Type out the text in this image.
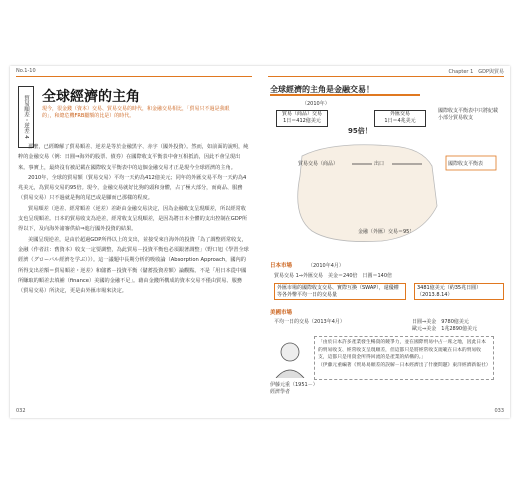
No.1-10
貿易順差・逆差 4 全球經濟的主角
現今，很金錢（資本）交易、貿易交易的時代，和金融交易相比，「貿易只不過是我眼的」，和總危機FRB屬額的比是）的時代。

那麼，已經瞭解了貿易順差、逆差是等於金融黑字、赤字（國外投資）。然而，如前面的說明，純粹的金融交易（例：日圓⇒海外的股票、債券）在國際收支平衡表中會互相抵消，因此不會呈現出來。事實上，最終沒有被記載在國際收支平衡表中的這個金融交易才正是現今全球經濟的主角。

2010年，全球的貿易額（貿易交易）平均一天約為412億美元；同年的外匯交易平均一天約為4兆美元，為貿易交易的95倍。現今，金融交易就好比狗的頭和身體，占了極大部分，而商品、服務（貿易交易）只不過就是狗的尾巴或是腳而已那樣的程度。

貿易順差（逆差、經常順差（逆差）差距由金融交易決定，因為金融收支呈現順差，所以經常收支也呈現順差。日本的貿易收支為逆差，經常收支呈現順差，是因為將日本全體的支出控制在GDP所得以下，及向海外諸審供給⇒進行國外投資的結果。

美國呈現逆差，是由於超過GDP所得以上的支出，並接受來自海外的投資「為了調整經常收支，金融（作者註：舊資本）收支一定要調整，為此貿易－投資平衡也必須跟著調整」（野口旭《學習全球經濟（グローバル經濟を学ぶ）》）。這一議題中長期分析的吸收論（Absorption Approach，國內的所得支出差額＝貿易順差・逆差）和儲蓄－投資平衡（儲蓄投資差額）論觀點。不是「用日本從中國所賺取的順差去填補（finance）美國的金融不足」。藉由金錢所構成的資本交易不僅由貿易、服務（貿易交易）所決定，更是由外匯市場來決定。

032
Chapter 1　GDP與貿易
全球經濟的主角是金融交易！
（2010年）
貿易（商品）交易
1日＝412億美元
外匯交易
1日＝4兆美元
95倍！
國際收支平衡表中只將紀載小部分貿易收支
貿易交易（商品）	出口	國際收支平衡表
金融（外匯）交易＝95！
日本市場	（2010年4月）
貿易交易 1⇒外匯交易　美金＝240倍　日圓＝140倍
外匯市場的國際收支交易、實際互換（SWAP），還優權等各外幣平均一日的交易量
3481億美元（約35兆日圓）（2013.8.14）
美國市場
平均一日的交易（2013年4月）	日圓⇒美金　9780億美元
歐元⇒美金　1兆2890億美元
「由於日本許多產業發生暢資的競爭力，並在國際貿易中占一席之地，因此日本的貿易收支、經常收支呈現順差，但這都只是將經常收支規範在日本的貿易收支，這都只是用資金所得回流的是產業的結構的。」
（伊藤元重編著《貿易易順差的誤解－日本經濟出了什麼問題》東洋經濟新報社）
伊藤元重（1951－）經濟學者
033
